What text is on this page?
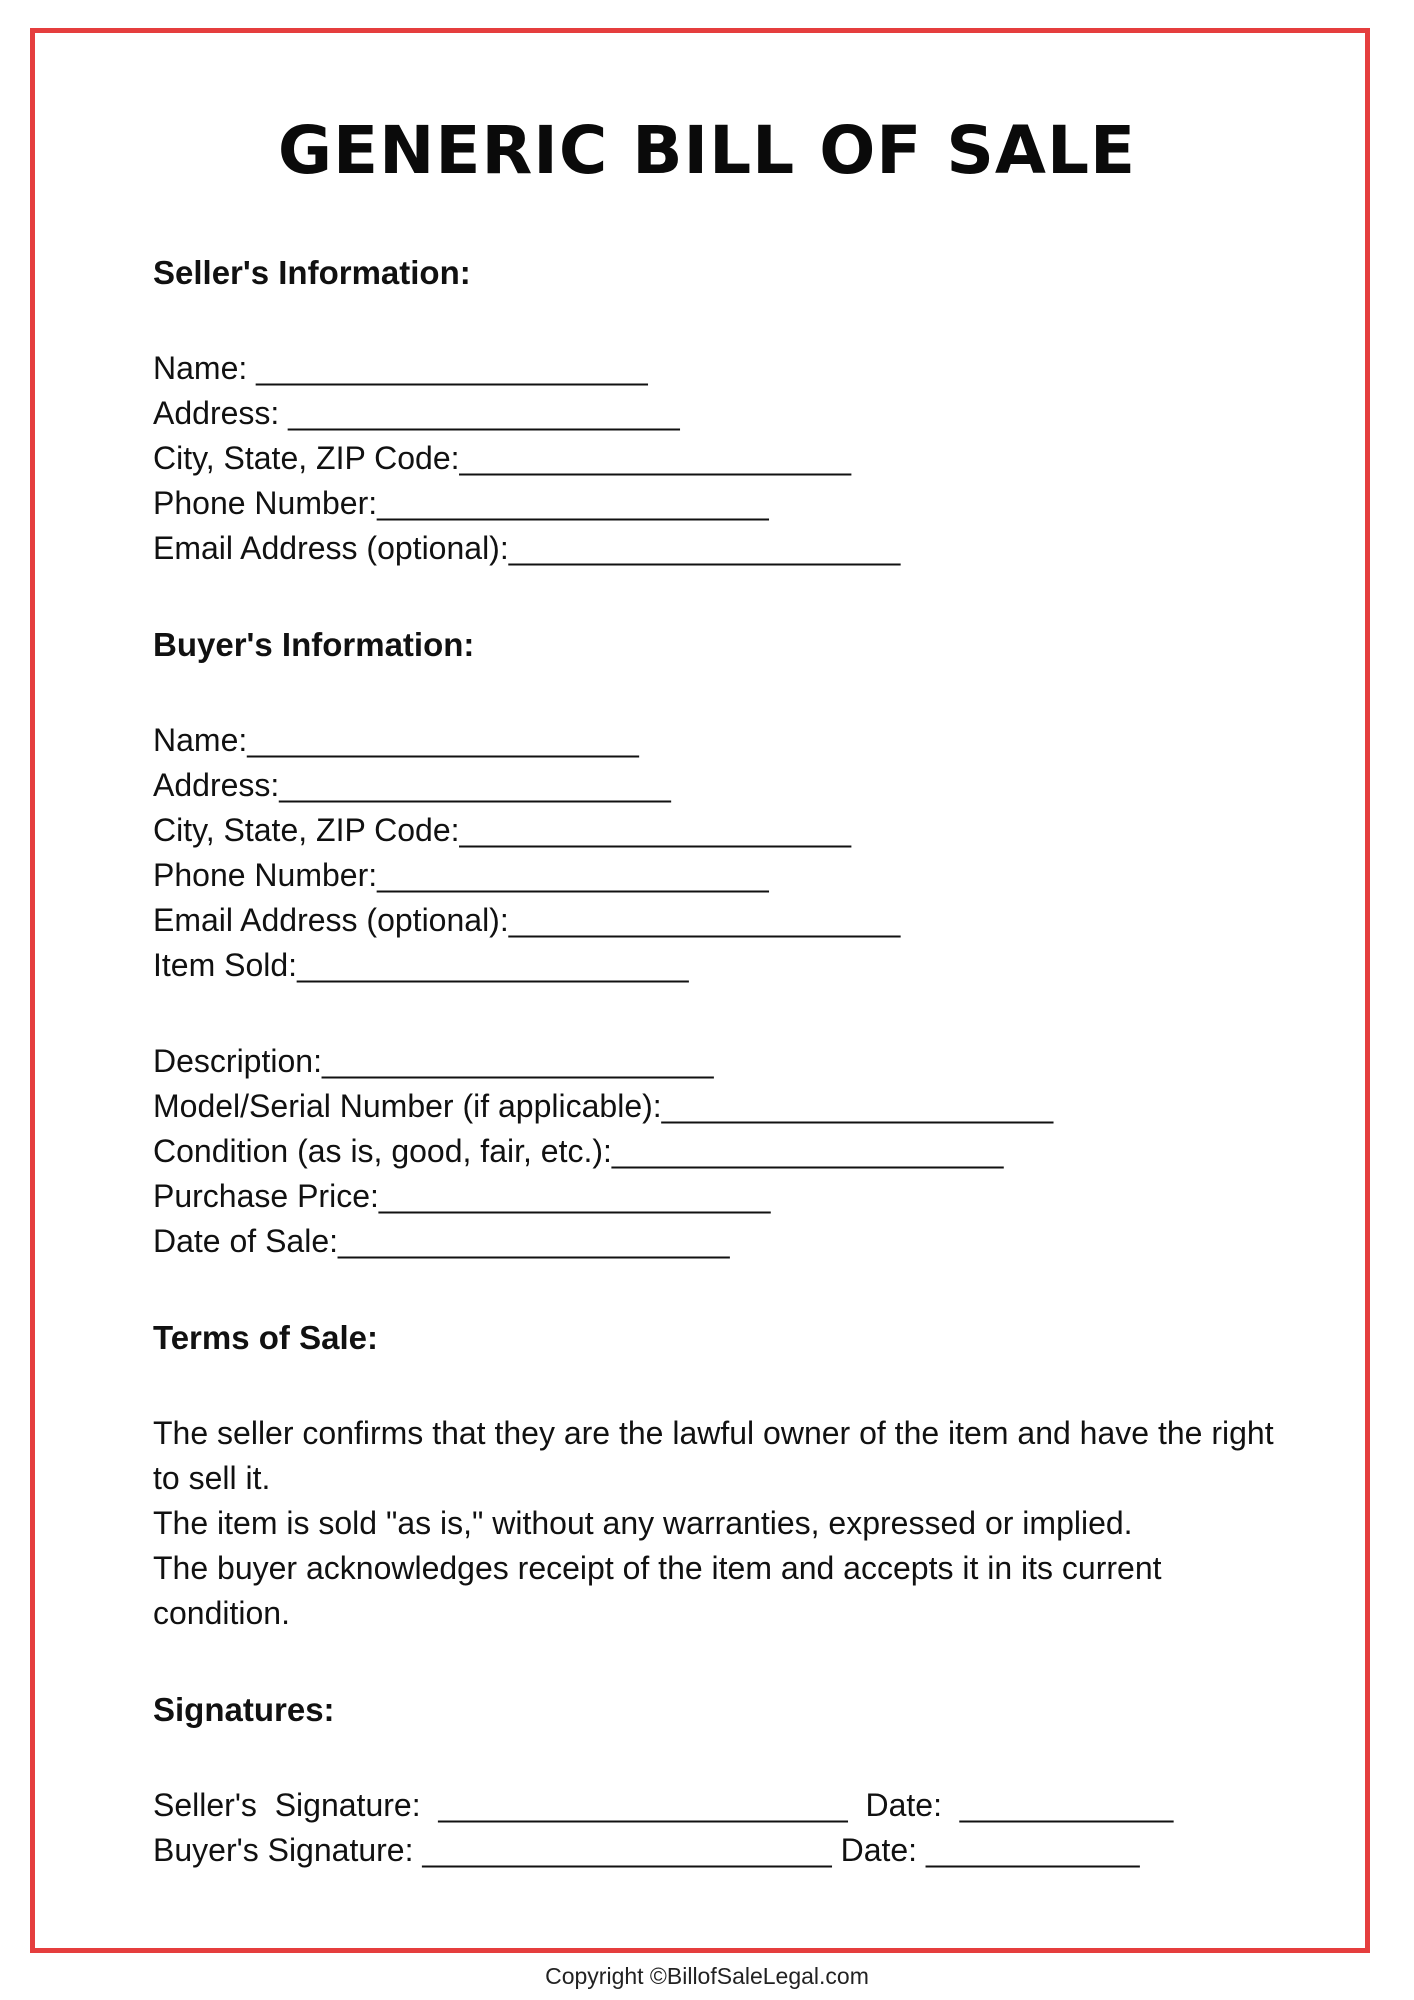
GENERIC BILL OF SALE

Seller's Information:

Name: ______________________

Address: ______________________

City, State, ZIP Code:______________________

Phone Number:______________________

Email Address (optional):______________________

Buyer's Information:

Name:______________________

Address:______________________

City, State, ZIP Code:______________________

Phone Number:______________________

Email Address (optional):______________________

Item Sold:______________________

Description:______________________

Model/Serial Number (if applicable):______________________

Condition (as is, good, fair, etc.):______________________

Purchase Price:______________________

Date of Sale:______________________

Terms of Sale:

The seller confirms that they are the lawful owner of the item and have the right to sell it.

The item is sold "as is," without any warranties, expressed or implied.

The buyer acknowledges receipt of the item and accepts it in its current condition.

Signatures:

Seller's  Signature:  _______________________  Date:  ____________

Buyer's Signature: _______________________ Date: ____________

Copyright ©BillofSaleLegal.com
